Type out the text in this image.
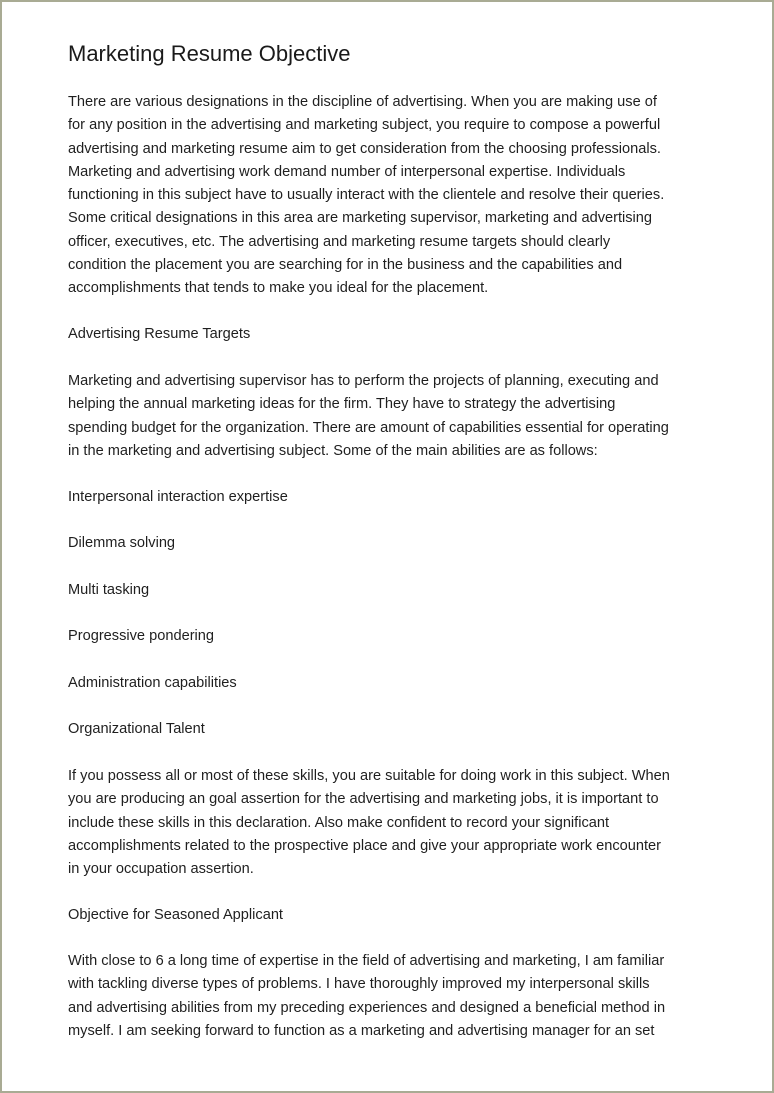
Marketing Resume Objective

There are various designations in the discipline of advertising. When you are making use of
for any position in the advertising and marketing subject, you require to compose a powerful
advertising and marketing resume aim to get consideration from the choosing professionals.
Marketing and advertising work demand number of interpersonal expertise. Individuals
functioning in this subject have to usually interact with the clientele and resolve their queries.
Some critical designations in this area are marketing supervisor, marketing and advertising
officer, executives, etc. The advertising and marketing resume targets should clearly
condition the placement you are searching for in the business and the capabilities and
accomplishments that tends to make you ideal for the placement.

Advertising Resume Targets

Marketing and advertising supervisor has to perform the projects of planning, executing and
helping the annual marketing ideas for the firm. They have to strategy the advertising
spending budget for the organization. There are amount of capabilities essential for operating
in the marketing and advertising subject. Some of the main abilities are as follows:

Interpersonal interaction expertise

Dilemma solving

Multi tasking

Progressive pondering

Administration capabilities

Organizational Talent

If you possess all or most of these skills, you are suitable for doing work in this subject. When
you are producing an goal assertion for the advertising and marketing jobs, it is important to
include these skills in this declaration. Also make confident to record your significant
accomplishments related to the prospective place and give your appropriate work encounter
in your occupation assertion.

Objective for Seasoned Applicant

With close to 6 a long time of expertise in the field of advertising and marketing, I am familiar
with tackling diverse types of problems. I have thoroughly improved my interpersonal skills
and advertising abilities from my preceding experiences and designed a beneficial method in
myself. I am seeking forward to function as a marketing and advertising manager for an set
